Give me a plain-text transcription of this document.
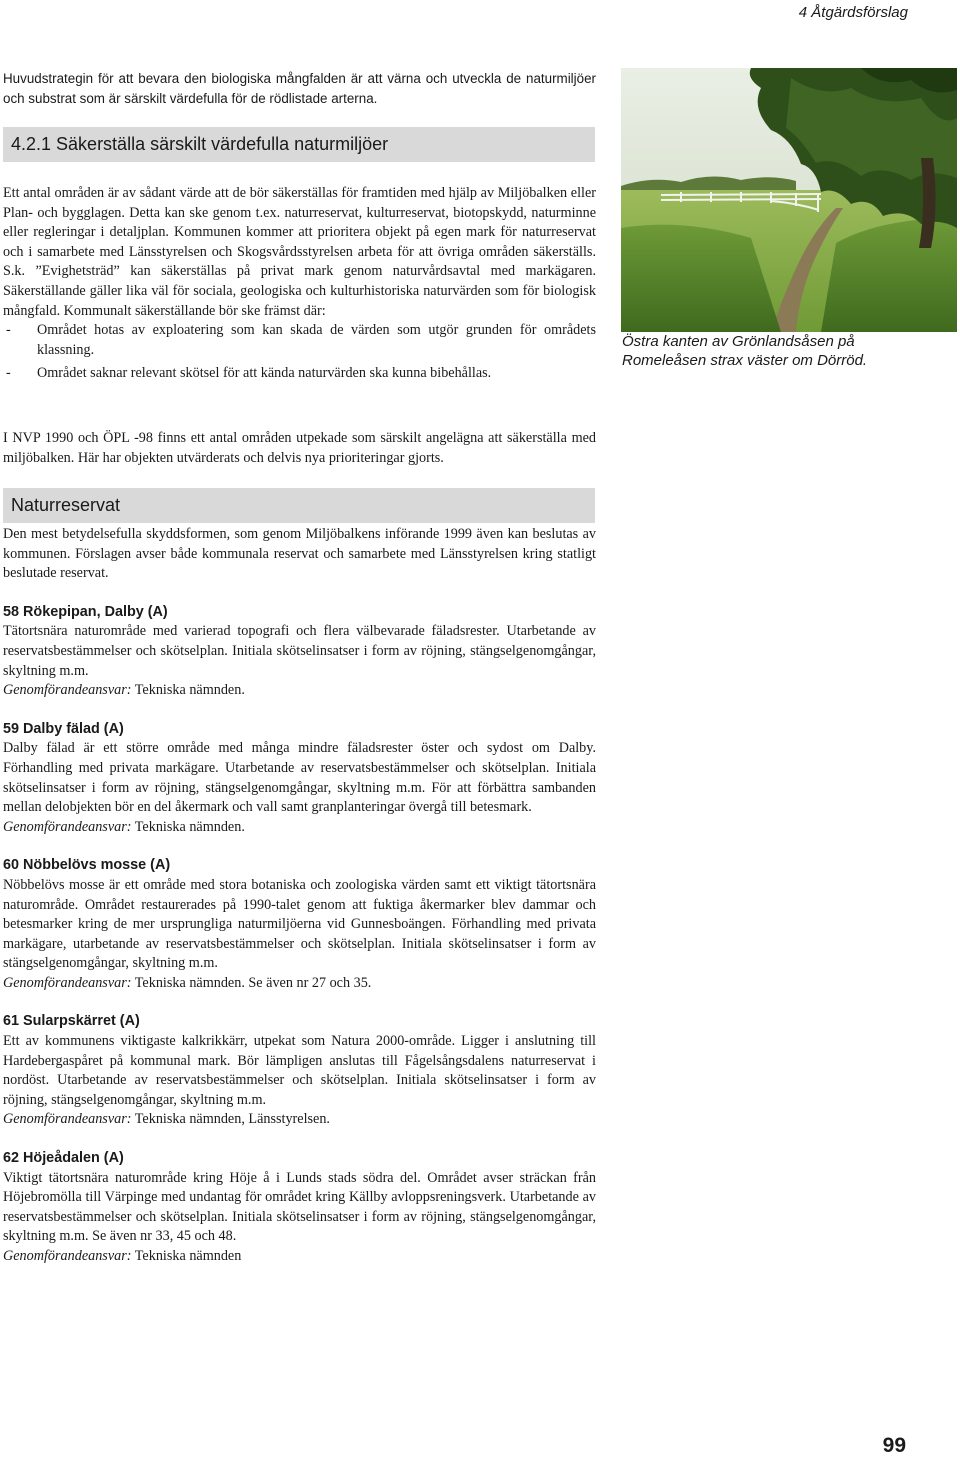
4 Åtgärdsförslag

Huvudstrategin för att bevara den biologiska mångfalden är att värna och utveckla de naturmiljöer och substrat som är särskilt värdefulla för de rödlistade arterna.

4.2.1 Säkerställa särskilt värdefulla naturmiljöer

Ett antal områden är av sådant värde att de bör säkerställas för framtiden med hjälp av Miljöbalken eller Plan- och bygglagen. Detta kan ske genom t.ex. naturreservat, kulturreservat, biotopskydd, naturminne eller regleringar i detaljplan. Kommunen kommer att prioritera objekt på egen mark för naturreservat och i samarbete med Länsstyrelsen och Skogsvårdsstyrelsen arbeta för att övriga områden säkerställs. S.k. ”Evighetsträd” kan säkerställas på privat mark genom naturvårdsavtal med markägaren. Säkerställande gäller lika väl för sociala, geologiska och kulturhistoriska naturvärden som för biologisk mångfald. Kommunalt säkerställande bör ske främst där:

- Området hotas av exploatering som kan skada de värden som utgör grunden för områdets klassning.
- Området saknar relevant skötsel för att kända naturvärden ska kunna bibehållas.

I NVP 1990 och ÖPL -98 finns ett antal områden utpekade som särskilt angelägna att säkerställa med miljöbalken. Här har objekten utvärderats och delvis nya prioriteringar gjorts.

Naturreservat

Den mest betydelsefulla skyddsformen, som genom Miljöbalkens införande 1999 även kan beslutas av kommunen. Förslagen avser både kommunala reservat och samarbete med Länsstyrelsen kring statligt beslutade reservat.

58 Rökepipan, Dalby (A)

Tätortsnära naturområde med varierad topografi och flera välbevarade fäladsrester. Utarbetande av reservatsbestämmelser och skötselplan. Initiala skötselinsatser i form av röjning, stängselgenomgångar, skyltning m.m.

Genomförandeansvar: Tekniska nämnden.

59 Dalby fälad (A)

Dalby fälad är ett större område med många mindre fäladsrester öster och sydost om Dalby. Förhandling med privata markägare. Utarbetande av reservatsbestämmelser och skötselplan. Initiala skötselinsatser i form av röjning, stängselgenomgångar, skyltning m.m. För att förbättra sambanden mellan delobjekten bör en del åkermark och vall samt granplanteringar övergå till betesmark.

Genomförandeansvar: Tekniska nämnden.

60 Nöbbelövs mosse (A)

Nöbbelövs mosse är ett område med stora botaniska och zoologiska värden samt ett viktigt tätortsnära naturområde. Området restaurerades på 1990-talet genom att fuktiga åkermarker blev dammar och betesmarker kring de mer ursprungliga naturmiljöerna vid Gunnesboängen. Förhandling med privata markägare, utarbetande av reservatsbestämmelser och skötselplan. Initiala skötselinsatser i form av stängselgenomgångar, skyltning m.m.

Genomförandeansvar: Tekniska nämnden. Se även nr 27 och 35.

61 Sularpskärret (A)

Ett av kommunens viktigaste kalkrikkärr, utpekat som Natura 2000-område. Ligger i anslutning till Hardebergaspåret på kommunal mark. Bör lämpligen anslutas till Fågelsångsdalens naturreservat i nordöst. Utarbetande av reservatsbestämmelser och skötselplan. Initiala skötselinsatser i form av röjning, stängselgenomgångar, skyltning m.m.

Genomförandeansvar: Tekniska nämnden, Länsstyrelsen.

62 Höjeådalen (A)

Viktigt tätortsnära naturområde kring Höje å i Lunds stads södra del. Området avser sträckan från Höjebromölla till Värpinge med undantag för området kring Källby avloppsreningsverk. Utarbetande av reservatsbestämmelser och skötselplan. Initiala skötselinsatser i form av röjning, stängselgenomgångar, skyltning m.m. Se även nr 33, 45 och 48.

Genomförandeansvar: Tekniska nämnden

Östra kanten av Grönlandsåsen på Romeleåsen strax väster om Dörröd.
99
